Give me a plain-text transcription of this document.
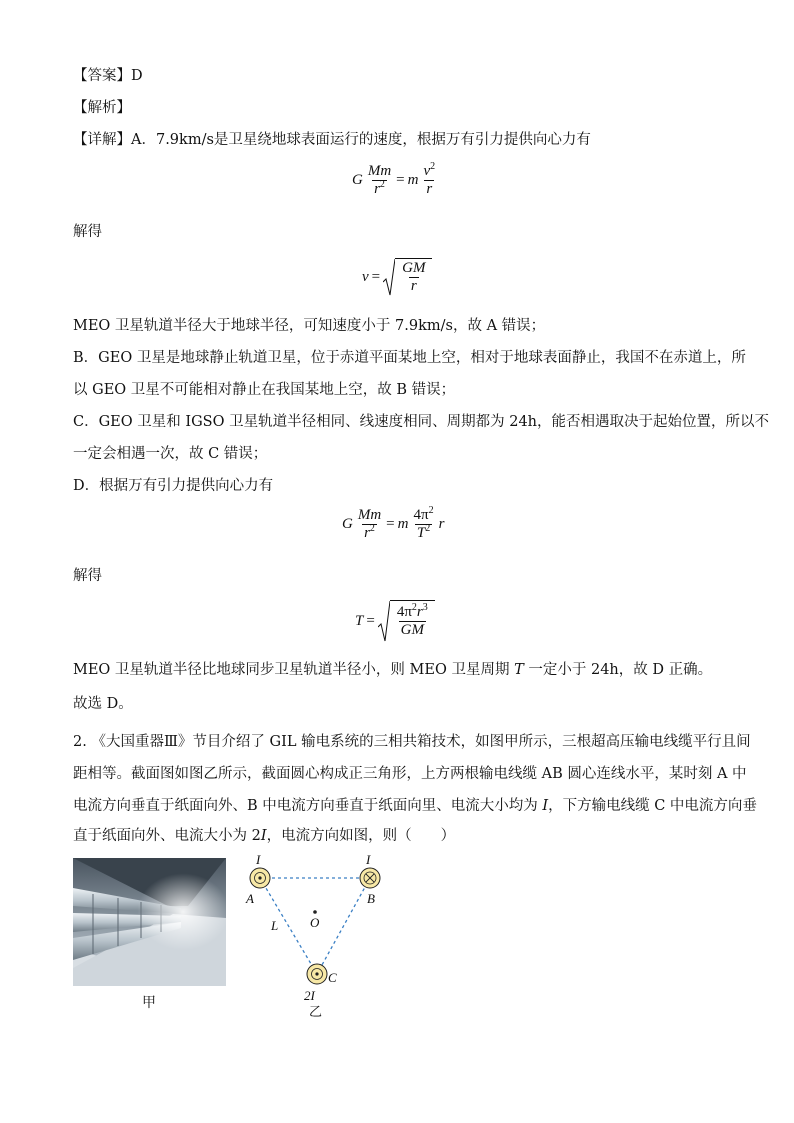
【答案】D
【解析】
【详解】A．7.9km/s是卫星绕地球表面运行的速度，根据万有引力提供向心力有
G $\frac{Mm}{r^2} = m \frac{v^2}{r}$
解得
$v = \frac{GM}{r}$
MEO 卫星轨道半径大于地球半径，可知速度小于 7.9km/s，故 A 错误；
B．GEO 卫星是地球静止轨道卫星，位于赤道平面某地上空，相对于地球表面静止，我国不在赤道上，所
以 GEO 卫星不可能相对静止在我国某地上空，故 B 错误；
C．GEO 卫星和 IGSO 卫星轨道半径相同、线速度相同、周期都为 24h，能否相遇取决于起始位置，所以不
一定会相遇一次，故 C 错误；
D．根据万有引力提供向心力有
G $\frac{Mm}{r^2} = m \frac{4\pi^2}{T^2}$ r
解得
$T = \frac{4\pi^2r^3}{GM}$
MEO 卫星轨道半径比地球同步卫星轨道半径小，则 MEO 卫星周期 T 一定小于 24h，故 D 正确。
故选 D。
2. 《大国重器Ⅲ》节目介绍了 GIL 输电系统的三相共箱技术，如图甲所示，三根超高压输电线缆平行且间
距相等。截面图如图乙所示，截面圆心构成正三角形，上方两根输电线缆 AB 圆心连线水平，某时刻 A 中
电流方向垂直于纸面向外、B 中电流方向垂直于纸面向里、电流大小均为 I，下方输电线缆 C 中电流方向垂
直于纸面向外、电流大小为 2I，电流方向如图，则（　　）
甲
I	I
A	B
O
L
C
2I
乙
